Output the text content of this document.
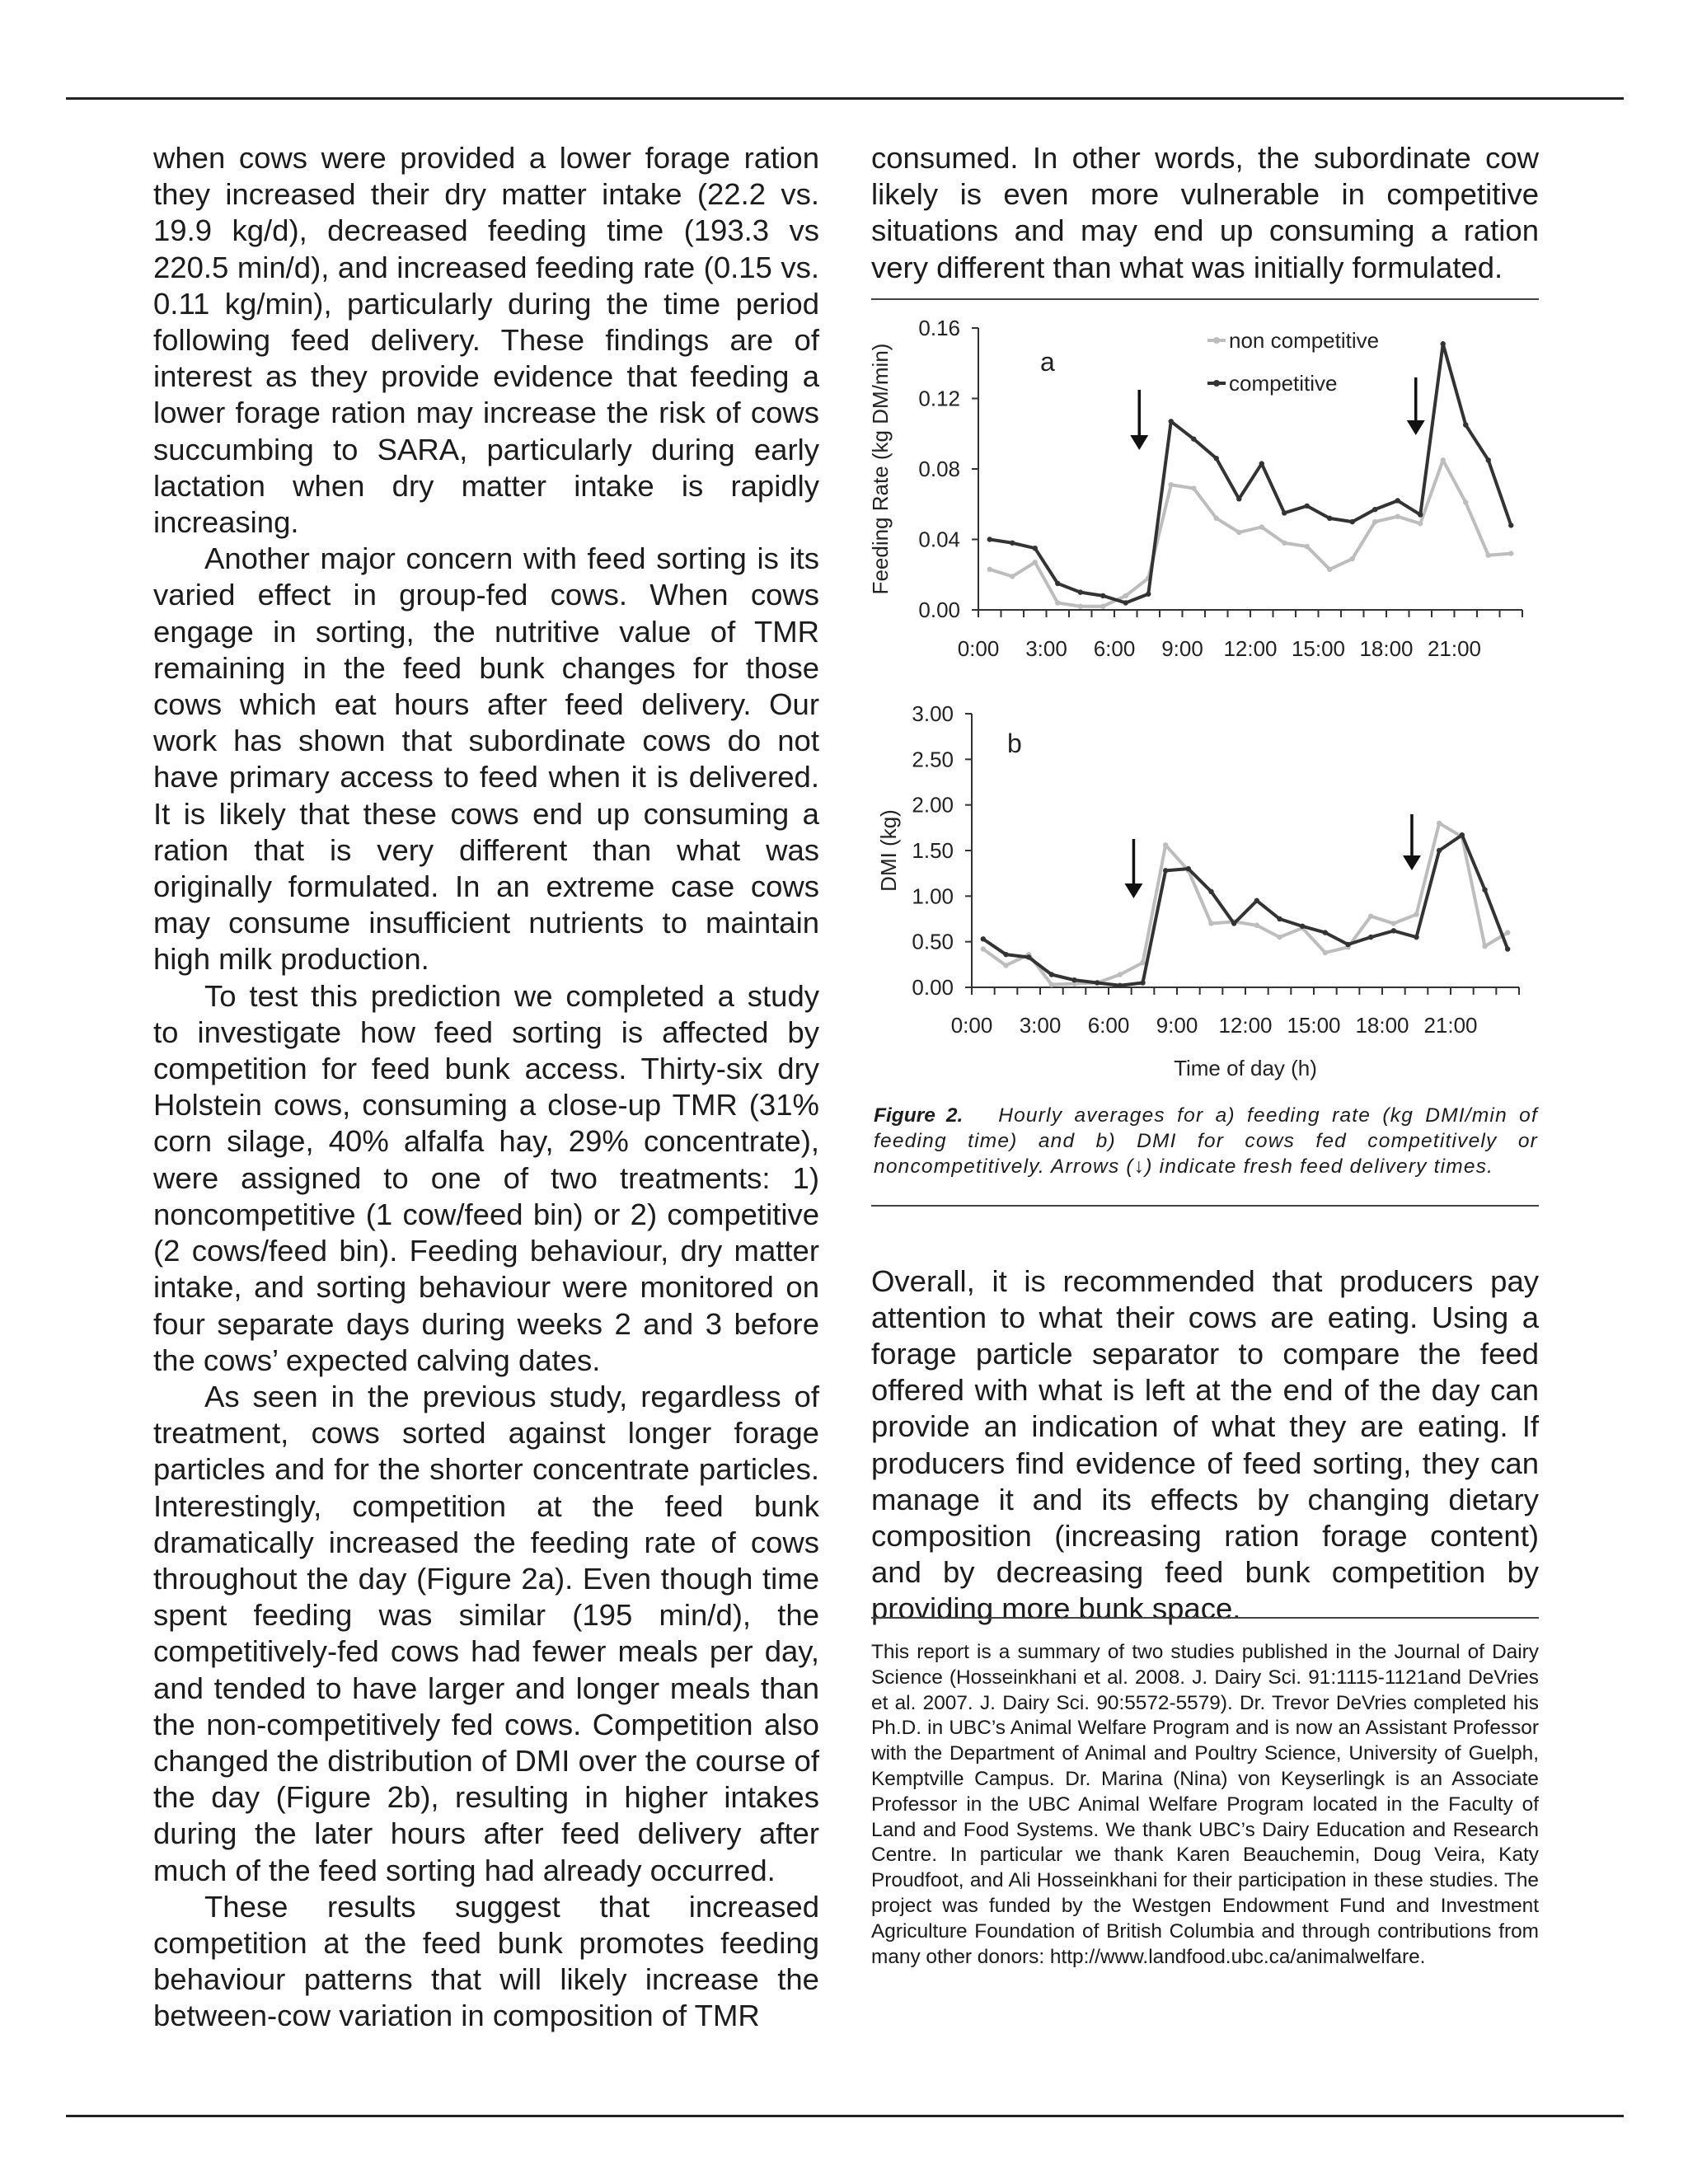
when cows were provided a lower forage ration they increased their dry matter intake (22.2 vs. 19.9 kg/d), decreased feeding time (193.3 vs 220.5 min/d), and increased feeding rate (0.15 vs. 0.11 kg/min), particularly during the time period following feed delivery. These findings are of interest as they provide evidence that feeding a lower forage ration may increase the risk of cows succumbing to SARA, particularly during early lactation when dry matter intake is rapidly increasing.

Another major concern with feed sorting is its varied effect in group-fed cows. When cows engage in sorting, the nutritive value of TMR remaining in the feed bunk changes for those cows which eat hours after feed delivery. Our work has shown that subordinate cows do not have primary access to feed when it is delivered. It is likely that these cows end up consuming a ration that is very different than what was originally formulated. In an extreme case cows may consume insufficient nutrients to maintain high milk production.

To test this prediction we completed a study to investigate how feed sorting is affected by competition for feed bunk access. Thirty-six dry Holstein cows, consuming a close-up TMR (31% corn silage, 40% alfalfa hay, 29% concentrate), were assigned to one of two treatments: 1) noncompetitive (1 cow/feed bin) or 2) competitive (2 cows/feed bin). Feeding behaviour, dry matter intake, and sorting behaviour were monitored on four separate days during weeks 2 and 3 before the cows’ expected calving dates.

As seen in the previous study, regardless of treatment, cows sorted against longer forage particles and for the shorter concentrate particles. Interestingly, competition at the feed bunk dramatically increased the feeding rate of cows throughout the day (Figure 2a). Even though time spent feeding was similar (195 min/d), the competitively-fed cows had fewer meals per day, and tended to have larger and longer meals than the non-competitively fed cows. Competition also changed the distribution of DMI over the course of the day (Figure 2b), resulting in higher intakes during the later hours after feed delivery after much of the feed sorting had already occurred.

These results suggest that increased competition at the feed bunk promotes feeding behaviour patterns that will likely increase the between-cow variation in composition of TMR

consumed. In other words, the subordinate cow likely is even more vulnerable in competitive situations and may end up consuming a ration very different than what was initially formulated.

0.00
0.04
0.08
0.12
0.16
0:00 3:00 6:00 9:00 12:00 15:00 18:00 21:00
Feeding Rate (kg DM/min)	a
non competitive
competitive
0.00
0.50
1.00
1.50
2.00
2.50
3.00
0:00 3:00 6:00 9:00 12:00 15:00 18:00 21:00
DMI (kg)
Time of day (h)
b
Figure 2. Hourly averages for a) feeding rate (kg DMI/min of feeding time) and b) DMI for cows fed competitively or noncompetitively. Arrows (↓) indicate fresh feed delivery times.

Overall, it is recommended that producers pay attention to what their cows are eating. Using a forage particle separator to compare the feed offered with what is left at the end of the day can provide an indication of what they are eating. If producers find evidence of feed sorting, they can manage it and its effects by changing dietary composition (increasing ration forage content) and by decreasing feed bunk competition by providing more bunk space.

This report is a summary of two studies published in the Journal of Dairy Science (Hosseinkhani et al. 2008. J. Dairy Sci. 91:1115-1121and DeVries et al. 2007. J. Dairy Sci. 90:5572-5579). Dr. Trevor DeVries completed his Ph.D. in UBC’s Animal Welfare Program and is now an Assistant Professor with the Department of Animal and Poultry Science, University of Guelph, Kemptville Campus. Dr. Marina (Nina) von Keyserlingk is an Associate Professor in the UBC Animal Welfare Program located in the Faculty of Land and Food Systems. We thank UBC’s Dairy Education and Research Centre. In particular we thank Karen Beauchemin, Doug Veira, Katy Proudfoot, and Ali Hosseinkhani for their participation in these studies. The project was funded by the Westgen Endowment Fund and Investment Agriculture Foundation of British Columbia and through contributions from many other donors: http://www.landfood.ubc.ca/animalwelfare.
